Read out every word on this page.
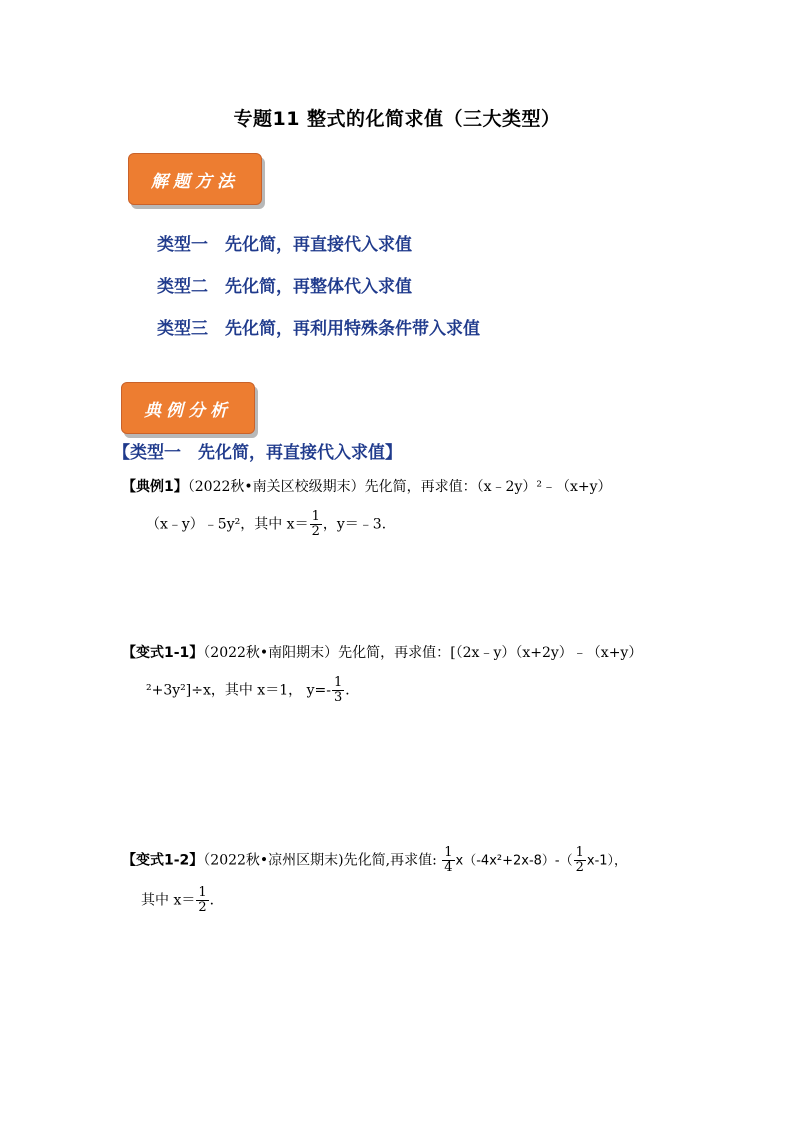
专题11 整式的化简求值（三大类型）
解题方法
类型一 先化简，再直接代入求值
类型二 先化简，再整体代入求值
类型三 先化简，再利用特殊条件带入求值
典例分析
【类型一 先化简，再直接代入求值】
【典例1】（2022秋•南关区校级期末）先化简，再求值：（x﹣2y）²﹣（x+y）
（x﹣y）﹣5y²，其中 $x= \frac{1}{2}$ ，y＝﹣3．
【变式1-1】（2022秋•南阳期末）先化简，再求值：[（2x﹣y）（x+2y）﹣（x+y）
²+3y²]÷x，其中 x＝1， $y=- \frac{1}{3}$ ．
【变式1-2】（2022秋•凉州区期末)先化简,再求值: $\frac{1}{4} x(-4x^2+2x-8)-( \frac{1}{2} x-1)$，
其中 $x= \frac{1}{2}$ ．
